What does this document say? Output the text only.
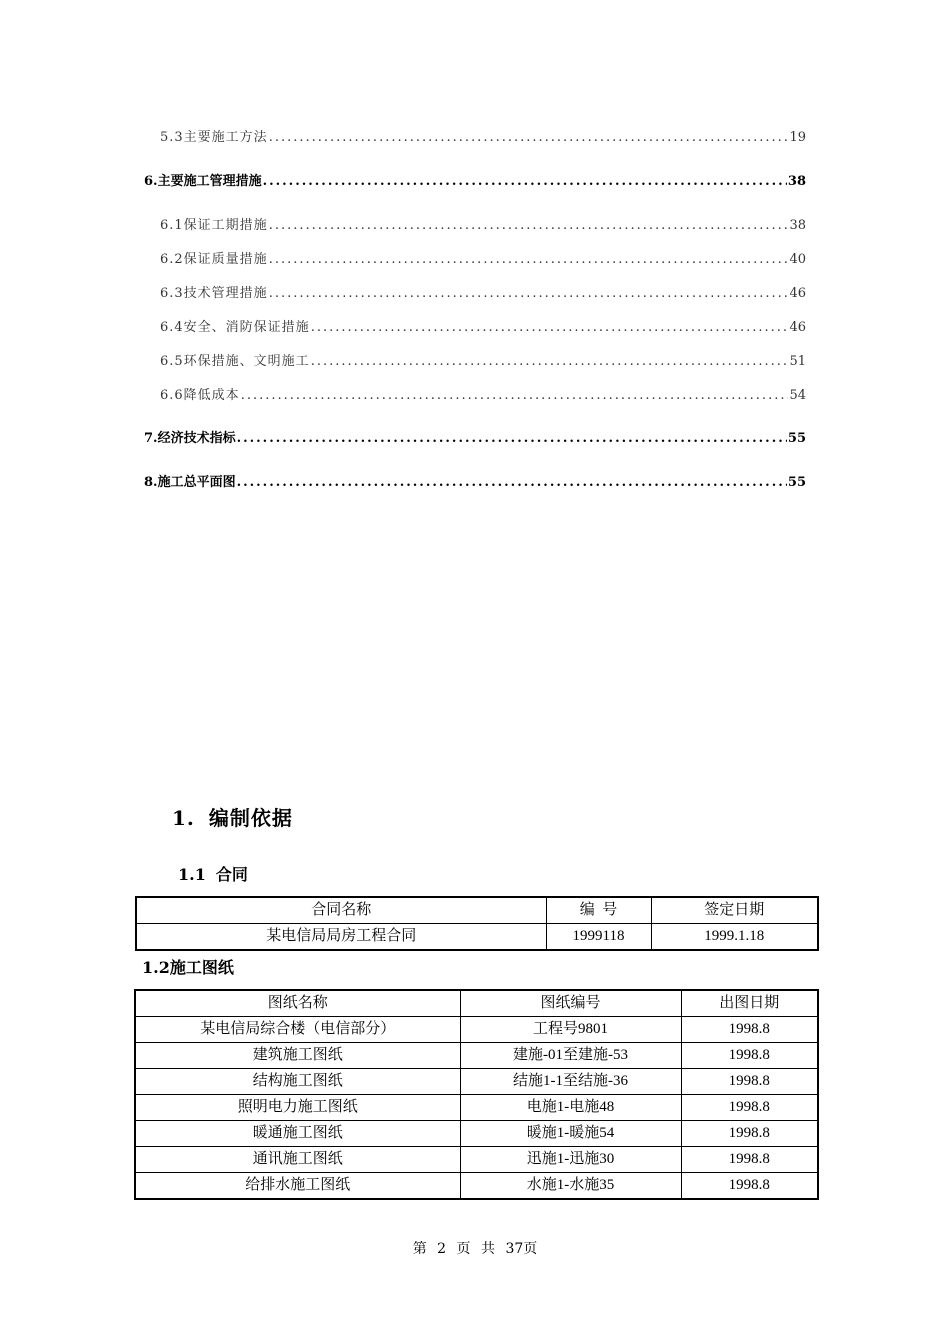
5.3主要施工方法 .....	19
6.主要施工管理措施 .....	38
6.1保证工期措施 .....	38
6.2保证质量措施 .....	40
6.3技术管理措施 .....	46
6.4安全、消防保证措施 .....	46
6.5环保措施、文明施工 .....	51
6.6降低成本 .....	54
7.经济技术指标 .....	55
8.施工总平面图 .....	55
1. 编制依据
1.1 合同
合同名称	编  号	签定日期
某电信局局房工程合同	1999118	1999.1.18
1.2施工图纸
图纸名称	图纸编号	出图日期
某电信局综合楼（电信部分）	工程号9801	1998.8
建筑施工图纸	建施-01至建施-53	1998.8
结构施工图纸	结施1-1至结施-36	1998.8
照明电力施工图纸	电施1-电施48	1998.8
暖通施工图纸	暖施1-暖施54	1998.8
通讯施工图纸	迅施1-迅施30	1998.8
给排水施工图纸	水施1-水施35	1998.8
第 2 页 共 37页
